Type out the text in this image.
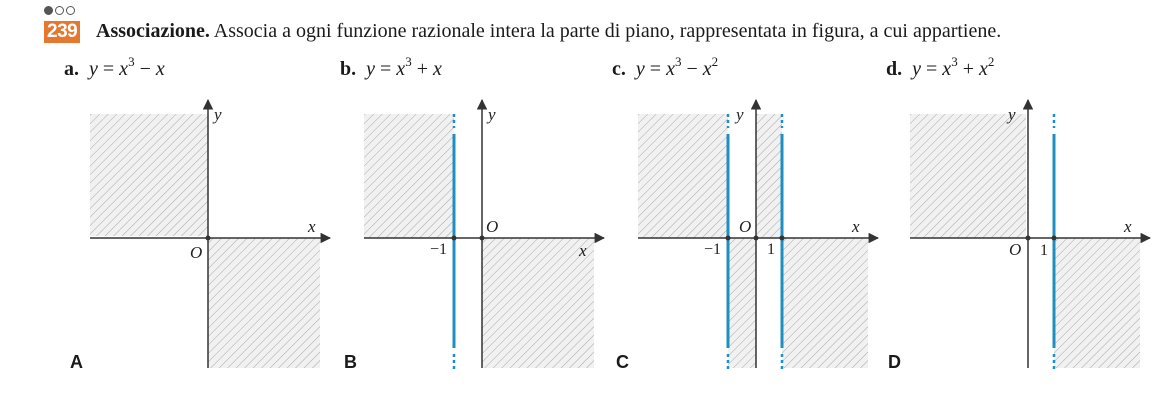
239 Associazione. Associa a ogni funzione razionale intera la parte di piano, rappresentata in figura, a cui appartiene.
a. $y = x^3 - x$	b. $y = x^3 + x$	c. $y = x^3 - x^2$	d. $y = x^3 + x^2$
y
x
O
A
y
x
O
−1
B
y
x
O
−1	1
C
y
x
O 1
D
